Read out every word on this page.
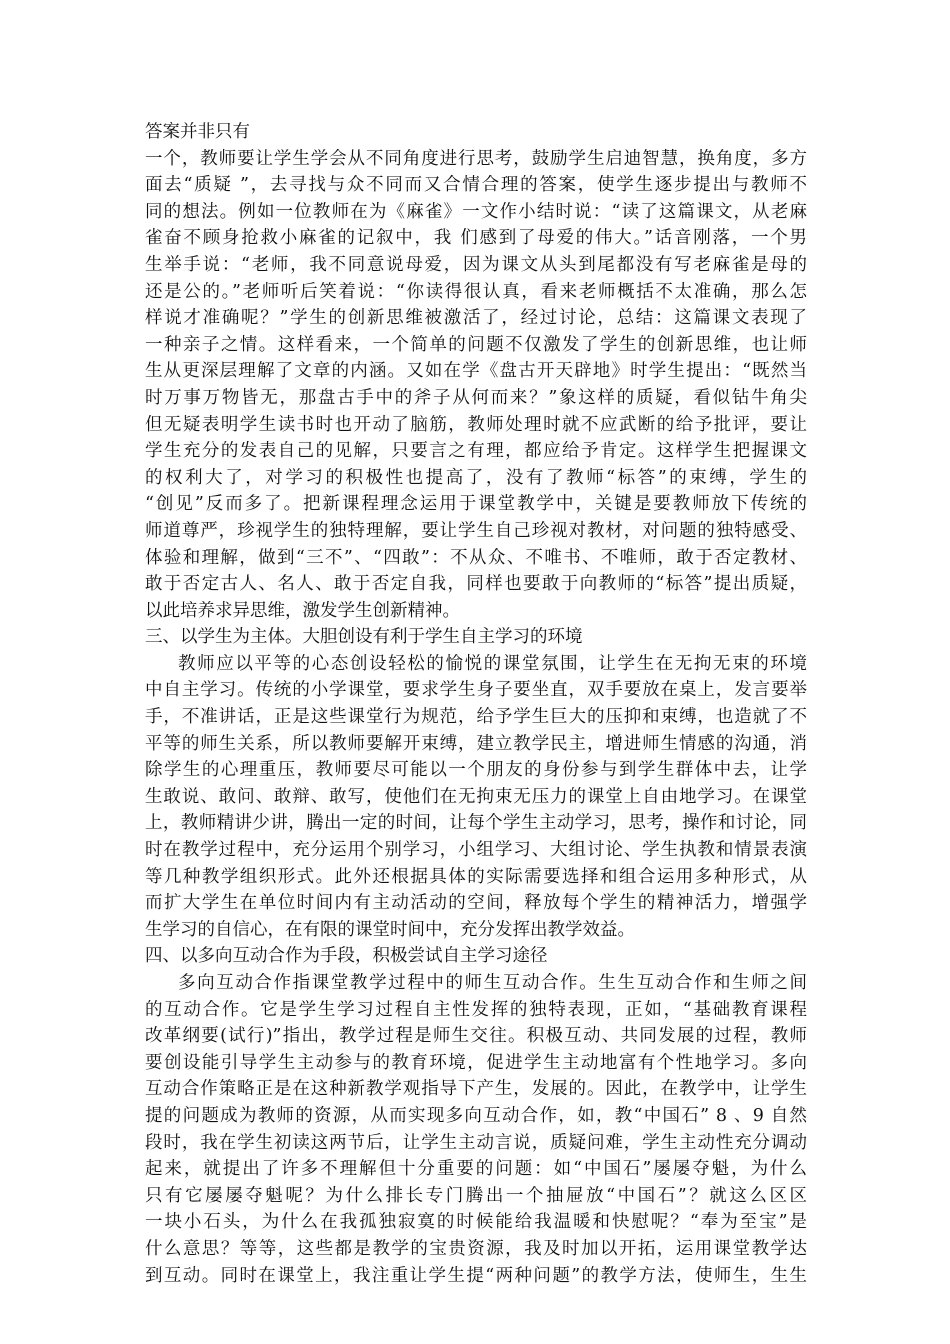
答案并非只有
一个，教师要让学生学会从不同角度进行思考，鼓励学生启迪智慧，换角度，多方
面去“质疑 ”，去寻找与众不同而又合情合理的答案，使学生逐步提出与教师不
同的想法。例如一位教师在为《麻雀》一文作小结时说：“读了这篇课文，从老麻
雀奋不顾身抢救小麻雀的记叙中，我 们感到了母爱的伟大。”话音刚落，一个男
生举手说：“老师，我不同意说母爱，因为课文从头到尾都没有写老麻雀是母的
还是公的。”老师听后笑着说：“你读得很认真，看来老师概括不太准确，那么怎
样说才准确呢？”学生的创新思维被激活了，经过讨论，总结：这篇课文表现了
一种亲子之情。这样看来，一个简单的问题不仅激发了学生的创新思维，也让师
生从更深层理解了文章的内涵。又如在学《盘古开天辟地》时学生提出：“既然当
时万事万物皆无，那盘古手中的斧子从何而来？”象这样的质疑，看似钻牛角尖
但无疑表明学生读书时也开动了脑筋，教师处理时就不应武断的给予批评，要让
学生充分的发表自己的见解，只要言之有理，都应给予肯定。这样学生把握课文
的权利大了，对学习的积极性也提高了，没有了教师“标答”的束缚，学生的
“创见”反而多了。把新课程理念运用于课堂教学中，关键是要教师放下传统的
师道尊严，珍视学生的独特理解，要让学生自己珍视对教材，对问题的独特感受、
体验和理解，做到“三不”、“四敢”：不从众、不唯书、不唯师，敢于否定教材、
敢于否定古人、名人、敢于否定自我，同样也要敢于向教师的“标答”提出质疑，
以此培养求异思维，激发学生创新精神。
三、以学生为主体。大胆创设有利于学生自主学习的环境
教师应以平等的心态创设轻松的愉悦的课堂氛围，让学生在无拘无束的环境
中自主学习。传统的小学课堂，要求学生身子要坐直，双手要放在桌上，发言要举
手，不准讲话，正是这些课堂行为规范，给予学生巨大的压抑和束缚，也造就了不
平等的师生关系，所以教师要解开束缚，建立教学民主，增进师生情感的沟通，消
除学生的心理重压，教师要尽可能以一个朋友的身份参与到学生群体中去，让学
生敢说、敢问、敢辩、敢写，使他们在无拘束无压力的课堂上自由地学习。在课堂
上，教师精讲少讲，腾出一定的时间，让每个学生主动学习，思考，操作和讨论，同
时在教学过程中，充分运用个别学习，小组学习、大组讨论、学生执教和情景表演
等几种教学组织形式。此外还根据具体的实际需要选择和组合运用多种形式，从
而扩大学生在单位时间内有主动活动的空间，释放每个学生的精神活力，增强学
生学习的自信心，在有限的课堂时间中，充分发挥出教学效益。
四、以多向互动合作为手段，积极尝试自主学习途径
多向互动合作指课堂教学过程中的师生互动合作。生生互动合作和生师之间
的互动合作。它是学生学习过程自主性发挥的独特表现，正如，“基础教育课程
改革纲要(试行)”指出，教学过程是师生交往。积极互动、共同发展的过程，教师
要创设能引导学生主动参与的教育环境，促进学生主动地富有个性地学习。多向
互动合作策略正是在这种新教学观指导下产生，发展的。因此，在教学中，让学生
提的问题成为教师的资源，从而实现多向互动合作，如，教“中国石” 8 、9 自然
段时，我在学生初读这两节后，让学生主动言说，质疑问难，学生主动性充分调动
起来，就提出了许多不理解但十分重要的问题：如“中国石”屡屡夺魁，为什么
只有它屡屡夺魁呢？为什么排长专门腾出一个抽屉放“中国石”？就这么区区
一块小石头，为什么在我孤独寂寞的时候能给我温暖和快慰呢？“奉为至宝”是
什么意思？等等，这些都是教学的宝贵资源，我及时加以开拓，运用课堂教学达
到互动。同时在课堂上，我注重让学生提“两种问题”的教学方法，使师生，生生
